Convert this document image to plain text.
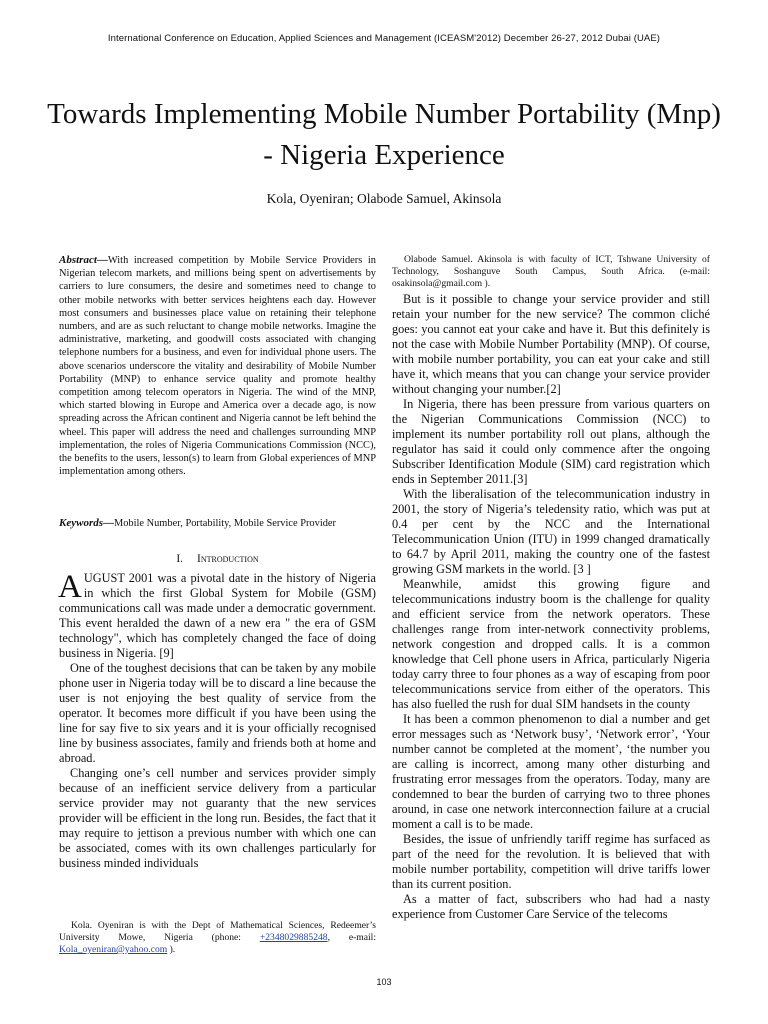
International Conference on Education, Applied Sciences and Management (ICEASM'2012) December 26-27, 2012 Dubai (UAE)
Towards Implementing Mobile Number Portability (Mnp) - Nigeria Experience
Kola, Oyeniran; Olabode Samuel, Akinsola
Abstract—With increased competition by Mobile Service Providers in Nigerian telecom markets, and millions being spent on advertisements by carriers to lure consumers, the desire and sometimes need to change to other mobile networks with better services heightens each day. However most consumers and businesses place value on retaining their telephone numbers, and are as such reluctant to change mobile networks. Imagine the administrative, marketing, and goodwill costs associated with changing telephone numbers for a business, and even for individual phone users. The above scenarios underscore the vitality and desirability of Mobile Number Portability (MNP) to enhance service quality and promote healthy competition among telecom operators in Nigeria. The wind of the MNP, which started blowing in Europe and America over a decade ago, is now spreading across the African continent and Nigeria cannot be left behind the wheel. This paper will address the need and challenges surrounding MNP implementation, the roles of Nigeria Communications Commission (NCC), the benefits to the users, lesson(s) to learn from Global experiences of MNP implementation among others.
Keywords—Mobile Number, Portability, Mobile Service Provider
I. Introduction

AUGUST 2001 was a pivotal date in the history of Nigeria in which the first Global System for Mobile (GSM) communications call was made under a democratic government. This event heralded the dawn of a new era " the era of GSM technology", which has completely changed the face of doing business in Nigeria. [9]

One of the toughest decisions that can be taken by any mobile phone user in Nigeria today will be to discard a line because the user is not enjoying the best quality of service from the operator. It becomes more difficult if you have been using the line for say five to six years and it is your officially recognised line by business associates, family and friends both at home and abroad.

Changing one’s cell number and services provider simply because of an inefficient service delivery from a particular service provider may not guaranty that the new services provider will be efficient in the long run. Besides, the fact that it may require to jettison a previous number with which one can be associated, comes with its own challenges particularly for business minded individuals

Kola. Oyeniran is with the Dept of Mathematical Sciences, Redeemer’s University Mowe, Nigeria (phone: +2348029885248, e-mail: Kola_oyeniran@yahoo.com ).

Olabode Samuel. Akinsola is with faculty of ICT, Tshwane University of Technology, Soshanguve South Campus, South Africa. (e-mail: osakinsola@gmail.com ).

But is it possible to change your service provider and still retain your number for the new service? The common cliché goes: you cannot eat your cake and have it. But this definitely is not the case with Mobile Number Portability (MNP). Of course, with mobile number portability, you can eat your cake and still have it, which means that you can change your service provider without changing your number.[2]

In Nigeria, there has been pressure from various quarters on the Nigerian Communications Commission (NCC) to implement its number portability roll out plans, although the regulator has said it could only commence after the ongoing Subscriber Identification Module (SIM) card registration which ends in September 2011.[3]

With the liberalisation of the telecommunication industry in 2001, the story of Nigeria’s teledensity ratio, which was put at 0.4 per cent by the NCC and the International Telecommunication Union (ITU) in 1999 changed dramatically to 64.7 by April 2011, making the country one of the fastest growing GSM markets in the world. [3 ]

Meanwhile, amidst this growing figure and telecommunications industry boom is the challenge for quality and efficient service from the network operators. These challenges range from inter-network connectivity problems, network congestion and dropped calls. It is a common knowledge that Cell phone users in Africa, particularly Nigeria today carry three to four phones as a way of escaping from poor telecommunications service from either of the operators. This has also fuelled the rush for dual SIM handsets in the county

It has been a common phenomenon to dial a number and get error messages such as ‘Network busy’, ‘Network error’, ‘Your number cannot be completed at the moment’, ‘the number you are calling is incorrect, among many other disturbing and frustrating error messages from the operators. Today, many are condemned to bear the burden of carrying two to three phones around, in case one network interconnection failure at a crucial moment a call is to be made.

Besides, the issue of unfriendly tariff regime has surfaced as part of the need for the revolution. It is believed that with mobile number portability, competition will drive tariffs lower than its current position.

As a matter of fact, subscribers who had had a nasty experience from Customer Care Service of the telecoms

103
